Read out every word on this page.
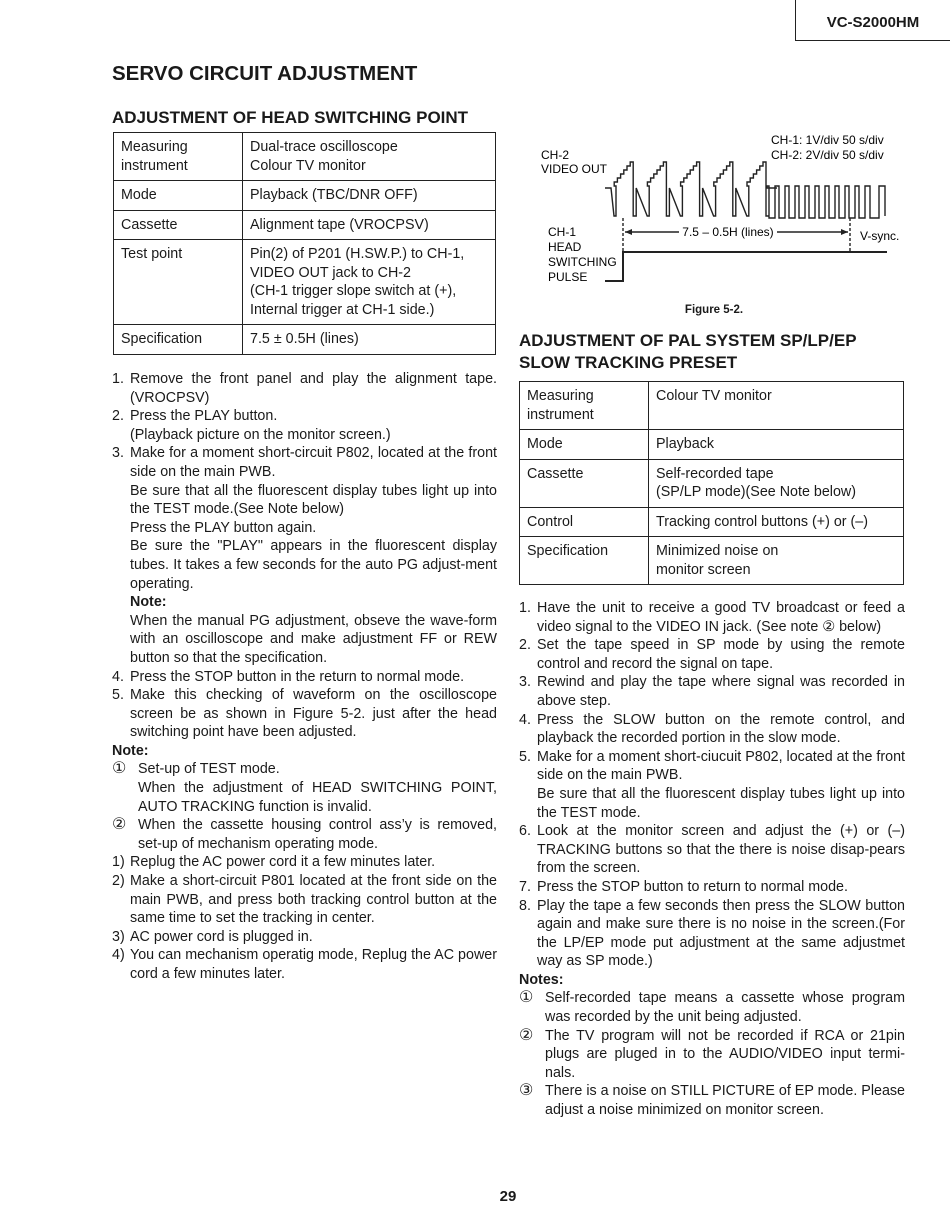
VC-S2000HM
SERVO CIRCUIT ADJUSTMENT
ADJUSTMENT OF HEAD SWITCHING POINT
Measuring
instrument	Dual-trace oscilloscope
Colour TV monitor
Mode	Playback (TBC/DNR OFF)
Cassette	Alignment tape (VROCPSV)
Test point	Pin(2) of P201 (H.SW.P.) to CH-1,
VIDEO OUT jack to CH-2
(CH-1 trigger slope switch at (+),
Internal trigger at CH-1 side.)
Specification	7.5 ± 0.5H (lines)
1. Remove the front panel and play the alignment tape. (VROCPSV)
2. Press the PLAY button.
(Playback picture on the monitor screen.)
3. Make for a moment short-circuit P802, located at the front side on the main PWB.
Be sure that all the fluorescent display tubes light up into the TEST mode.(See Note below)
Press the PLAY button again.
Be sure the "PLAY" appears in the fluorescent display tubes. It takes a few seconds for the auto PG adjust-ment operating.
Note:
When the manual PG adjustment, obseve the wave-form with an oscilloscope and make adjustment FF or REW button so that the specification.
4. Press the STOP button in the return to normal mode.
5. Make this checking of waveform on the oscilloscope screen be as shown in Figure 5-2. just after the head switching point have been adjusted.
Note:
① Set-up of TEST mode.
When the adjustment of HEAD SWITCHING POINT, AUTO TRACKING function is invalid.
② When the cassette housing control ass’y is removed, set-up of mechanism operating mode.
1) Replug the AC power cord it a few minutes later.
2) Make a short-circuit P801 located at the front side on the main PWB, and press both tracking control button at the same time to set the tracking in center.
3) AC power cord is plugged in.
4) You can mechanism operatig mode, Replug the AC power cord a few minutes later.
CH-2
VIDEO OUT
CH-1
HEAD
SWITCHING
PULSE
CH-1: 1V/div 50 s/div
CH-2: 2V/div 50 s/div
7.5 – 0.5H (lines)	V-sync.
Figure 5-2.
ADJUSTMENT OF PAL SYSTEM SP/LP/EP SLOW TRACKING PRESET
Measuring
instrument	Colour TV monitor
Mode	Playback
Cassette	Self-recorded tape
(SP/LP mode)(See Note below)
Control	Tracking control buttons (+) or (–)
Specification	Minimized noise on
monitor screen
1. Have the unit to receive a good TV broadcast or feed a video signal to the VIDEO IN jack. (See note ② below)
2. Set the tape speed in SP mode by using the remote control and record the signal on tape.
3. Rewind and play the tape where signal was recorded in above step.
4. Press the SLOW button on the remote control, and playback the recorded portion in the slow mode.
5. Make for a moment short-ciucuit P802, located at the front side on the main PWB.
Be sure that all the fluorescent display tubes light up into the TEST mode.
6. Look at the monitor screen and adjust the (+) or (–) TRACKING buttons so that the there is noise disap-pears from the screen.
7. Press the STOP button to return to normal mode.
8. Play the tape a few seconds then press the SLOW button again and make sure there is no noise in the screen.(For the LP/EP mode put adjustment at the same adjustmet way as SP mode.)
Notes:
① Self-recorded tape means a cassette whose program was recorded by the unit being adjusted.
② The TV program will not be recorded if RCA or 21pin plugs are pluged in to the AUDIO/VIDEO input termi-nals.
③ There is a noise on STILL PICTURE of EP mode. Please adjust a noise minimized on monitor screen.
29
